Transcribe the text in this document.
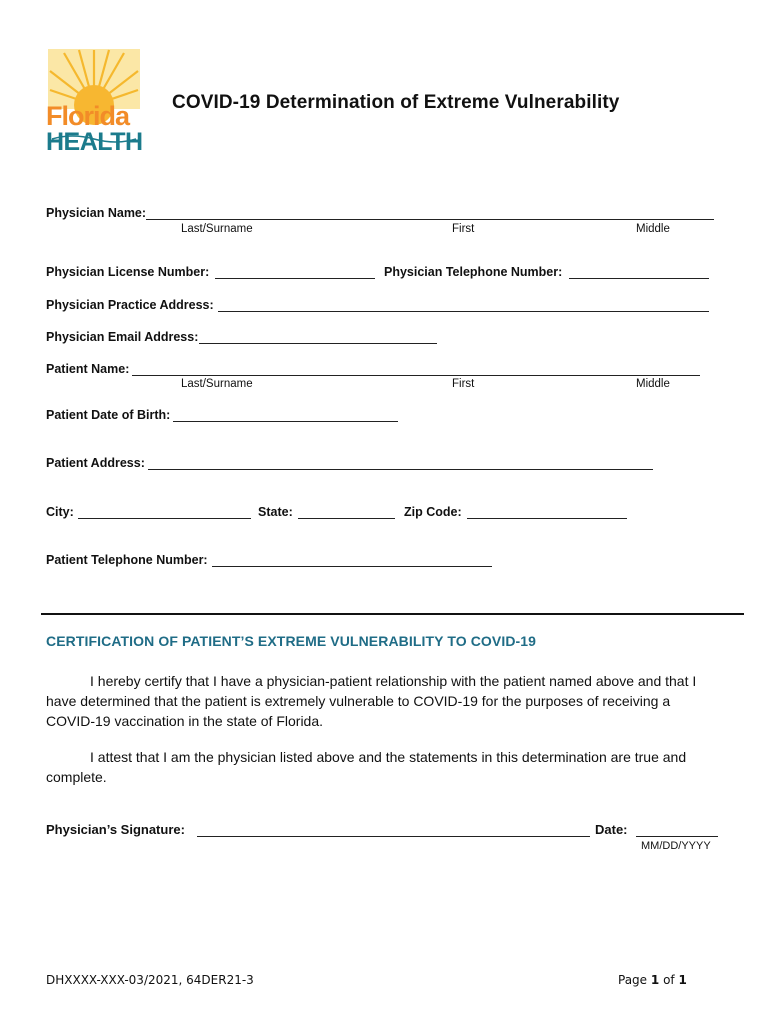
Florida
HEALTH
COVID-19 Determination of Extreme Vulnerability
Physician Name:
Last/Surname	First	Middle
Physician License Number:	Physician Telephone Number:
Physician Practice Address:
Physician Email Address:
Patient Name:
Last/Surname	First	Middle
Patient Date of Birth:
Patient Address:
City:	State:	Zip Code:
Patient Telephone Number:
CERTIFICATION OF PATIENT’S EXTREME VULNERABILITY TO COVID-19
I hereby certify that I have a physician-patient relationship with the patient named above and that I have determined that the patient is extremely vulnerable to COVID-19 for the purposes of receiving a COVID-19 vaccination in the state of Florida.
I attest that I am the physician listed above and the statements in this determination are true and complete.
Physician’s Signature:	Date:
MM/DD/YYYY
DHXXXX-XXX-03/2021, 64DER21-3	Page 1 of 1
